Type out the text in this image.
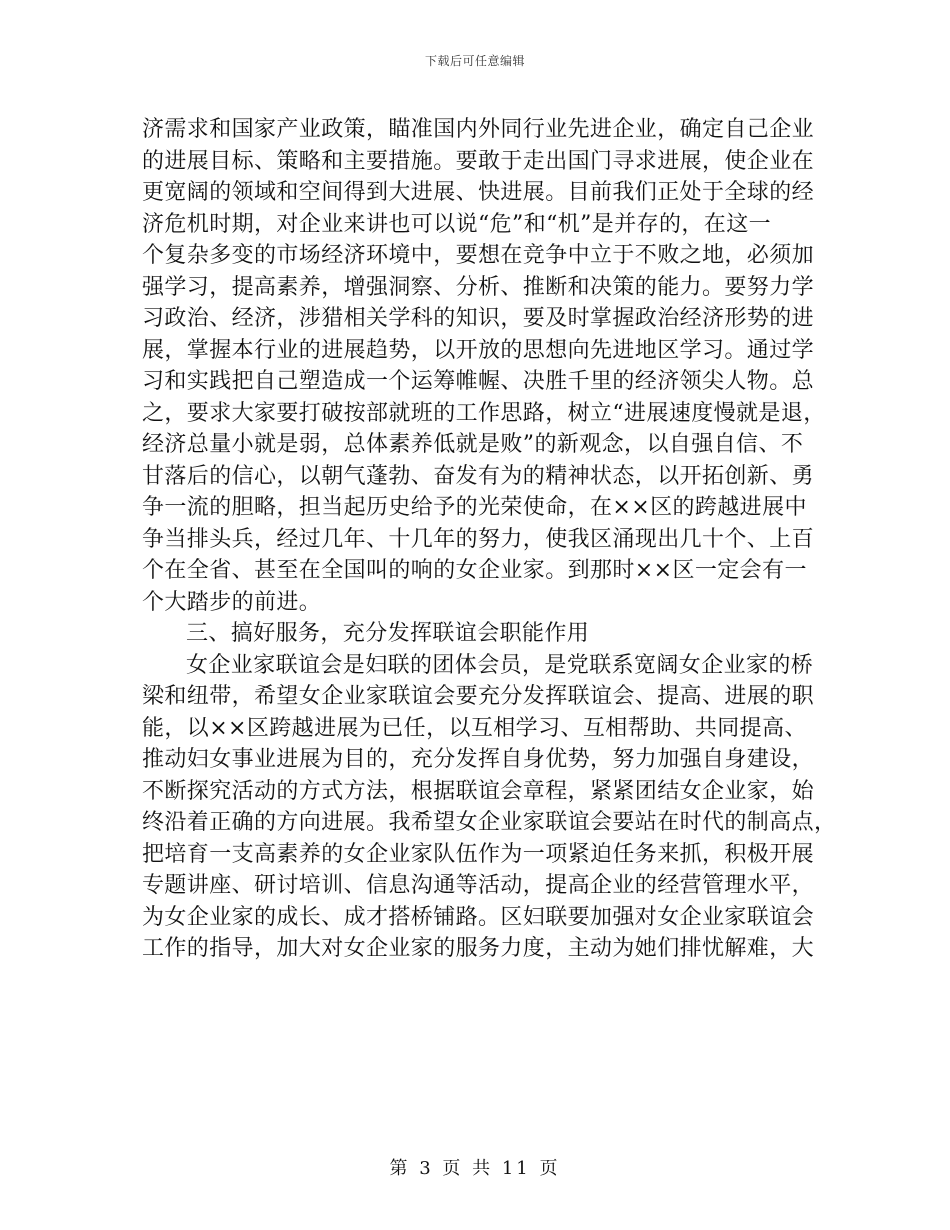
下载后可任意编辑
济需求和国家产业政策，瞄准国内外同行业先进企业，确定自己企业
的进展目标、策略和主要措施。要敢于走出国门寻求进展，使企业在
更宽阔的领域和空间得到大进展、快进展。目前我们正处于全球的经
济危机时期，对企业来讲也可以说“危”和“机”是并存的，在这一
个复杂多变的市场经济环境中，要想在竞争中立于不败之地，必须加
强学习，提高素养，增强洞察、分析、推断和决策的能力。要努力学
习政治、经济，涉猎相关学科的知识，要及时掌握政治经济形势的进
展，掌握本行业的进展趋势，以开放的思想向先进地区学习。通过学
习和实践把自己塑造成一个运筹帷幄、决胜千里的经济领尖人物。总
之，要求大家要打破按部就班的工作思路，树立“进展速度慢就是退，
经济总量小就是弱，总体素养低就是败”的新观念，以自强自信、不
甘落后的信心，以朝气蓬勃、奋发有为的精神状态，以开拓创新、勇
争一流的胆略，担当起历史给予的光荣使命，在××区的跨越进展中
争当排头兵，经过几年、十几年的努力，使我区涌现出几十个、上百
个在全省、甚至在全国叫的响的女企业家。到那时××区一定会有一
个大踏步的前进。
三、搞好服务，充分发挥联谊会职能作用
女企业家联谊会是妇联的团体会员，是党联系宽阔女企业家的桥
梁和纽带，希望女企业家联谊会要充分发挥联谊会、提高、进展的职
能，以××区跨越进展为已任，以互相学习、互相帮助、共同提高、
推动妇女事业进展为目的，充分发挥自身优势，努力加强自身建设，
不断探究活动的方式方法，根据联谊会章程，紧紧团结女企业家，始
终沿着正确的方向进展。我希望女企业家联谊会要站在时代的制高点，
把培育一支高素养的女企业家队伍作为一项紧迫任务来抓，积极开展
专题讲座、研讨培训、信息沟通等活动，提高企业的经营管理水平，
为女企业家的成长、成才搭桥铺路。区妇联要加强对女企业家联谊会
工作的指导，加大对女企业家的服务力度，主动为她们排忧解难，大
第 3 页 共 11 页
